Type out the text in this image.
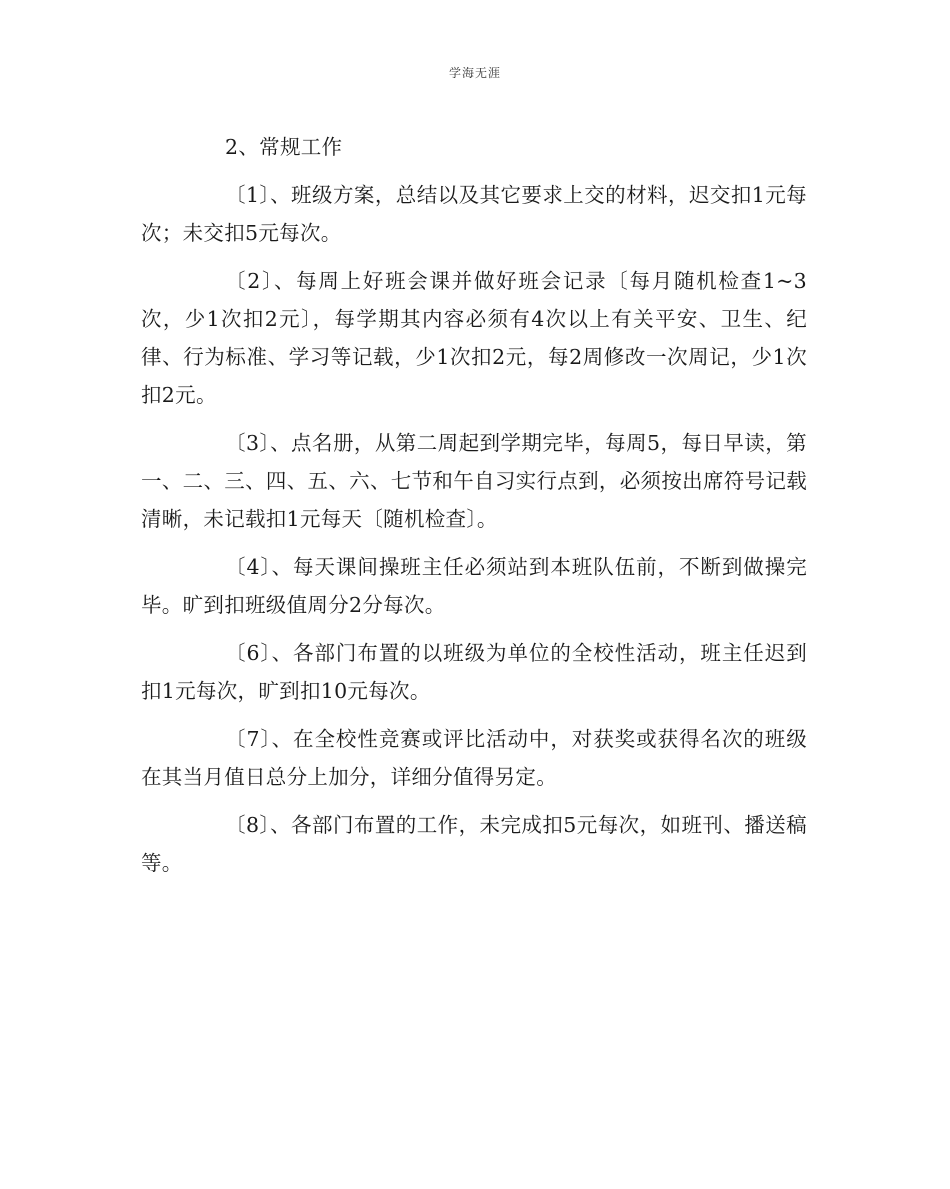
学海无涯

2、常规工作

〔1〕、班级方案，总结以及其它要求上交的材料，迟交扣1元每次；未交扣5元每次。

〔2〕、每周上好班会课并做好班会记录〔每月随机检查1~3次，少1次扣2元〕，每学期其内容必须有4次以上有关平安、卫生、纪律、行为标准、学习等记载，少1次扣2元，每2周修改一次周记，少1次扣2元。

〔3〕、点名册，从第二周起到学期完毕，每周5，每日早读，第一、二、三、四、五、六、七节和午自习实行点到，必须按出席符号记载清晰，未记载扣1元每天〔随机检查〕。

〔4〕、每天课间操班主任必须站到本班队伍前，不断到做操完毕。旷到扣班级值周分2分每次。

〔6〕、各部门布置的以班级为单位的全校性活动，班主任迟到扣1元每次，旷到扣10元每次。

〔7〕、在全校性竞赛或评比活动中，对获奖或获得名次的班级在其当月值日总分上加分，详细分值得另定。

〔8〕、各部门布置的工作，未完成扣5元每次，如班刊、播送稿等。
